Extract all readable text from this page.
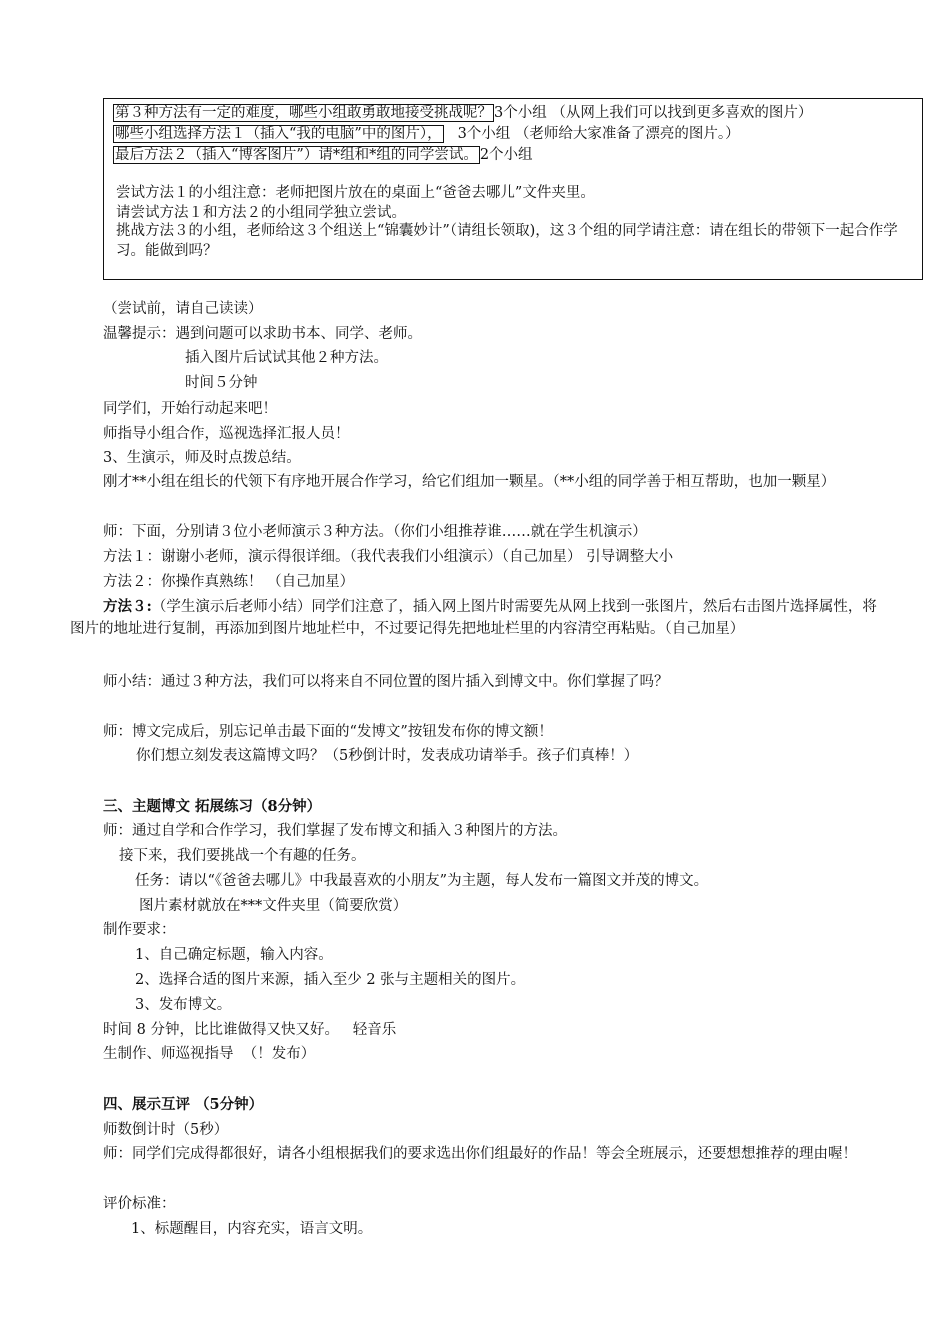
第３种方法有一定的难度，哪些小组敢勇敢地接受挑战呢？ 3个小组 （从网上我们可以找到更多喜欢的图片）
哪些小组选择方法１（插入“我的电脑”中的图片）， 3个小组 （老师给大家准备了漂亮的图片。）
最后方法２（插入“博客图片”）请*组和*组的同学尝试。 2个小组
尝试方法１的小组注意：老师把图片放在的桌面上“爸爸去哪儿”文件夹里。
请尝试方法１和方法２的小组同学独立尝试。
挑战方法３的小组，老师给这３个组送上“锦囊妙计”（请组长领取)，这３个组的同学请注意：请在组长的带领下一起合作学习。能做到吗？
（尝试前，请自己读读）
温馨提示：遇到问题可以求助书本、同学、老师。
插入图片后试试其他２种方法。
时间５分钟
同学们，开始行动起来吧！
师指导小组合作，巡视选择汇报人员！
3、生演示，师及时点拨总结。
刚才**小组在组长的代领下有序地开展合作学习，给它们组加一颗星。（**小组的同学善于相互帮助，也加一颗星）
师：下面，分别请３位小老师演示３种方法。（你们小组推荐谁……就在学生机演示）
方法１：谢谢小老师，演示得很详细。（我代表我们小组演示）（自己加星） 引导调整大小
方法２：你操作真熟练！ （自己加星）
方法３:（学生演示后老师小结）同学们注意了，插入网上图片时需要先从网上找到一张图片，然后右击图片选择属性，将图片的地址进行复制，再添加到图片地址栏中，不过要记得先把地址栏里的内容清空再粘贴。（自己加星）
师小结：通过３种方法，我们可以将来自不同位置的图片插入到博文中。你们掌握了吗？
师：博文完成后，别忘记单击最下面的“发博文”按钮发布你的博文额！
你们想立刻发表这篇博文吗？（5秒倒计时，发表成功请举手。孩子们真棒！）
三、主题博文 拓展练习（8分钟）
师：通过自学和合作学习，我们掌握了发布博文和插入３种图片的方法。
接下来，我们要挑战一个有趣的任务。
任务：请以“《爸爸去哪儿》中我最喜欢的小朋友”为主题，每人发布一篇图文并茂的博文。
图片素材就放在***文件夹里（简要欣赏）
制作要求：
1、自己确定标题，输入内容。
2、选择合适的图片来源，插入至少 2 张与主题相关的图片。
3、发布博文。
时间 8 分钟，比比谁做得又快又好。   轻音乐
生制作、师巡视指导  （！发布）
四、展示互评 （5分钟）
师数倒计时（5秒）
师：同学们完成得都很好，请各小组根据我们的要求选出你们组最好的作品！等会全班展示，还要想想推荐的理由喔！
评价标准：
1、标题醒目，内容充实，语言文明。
